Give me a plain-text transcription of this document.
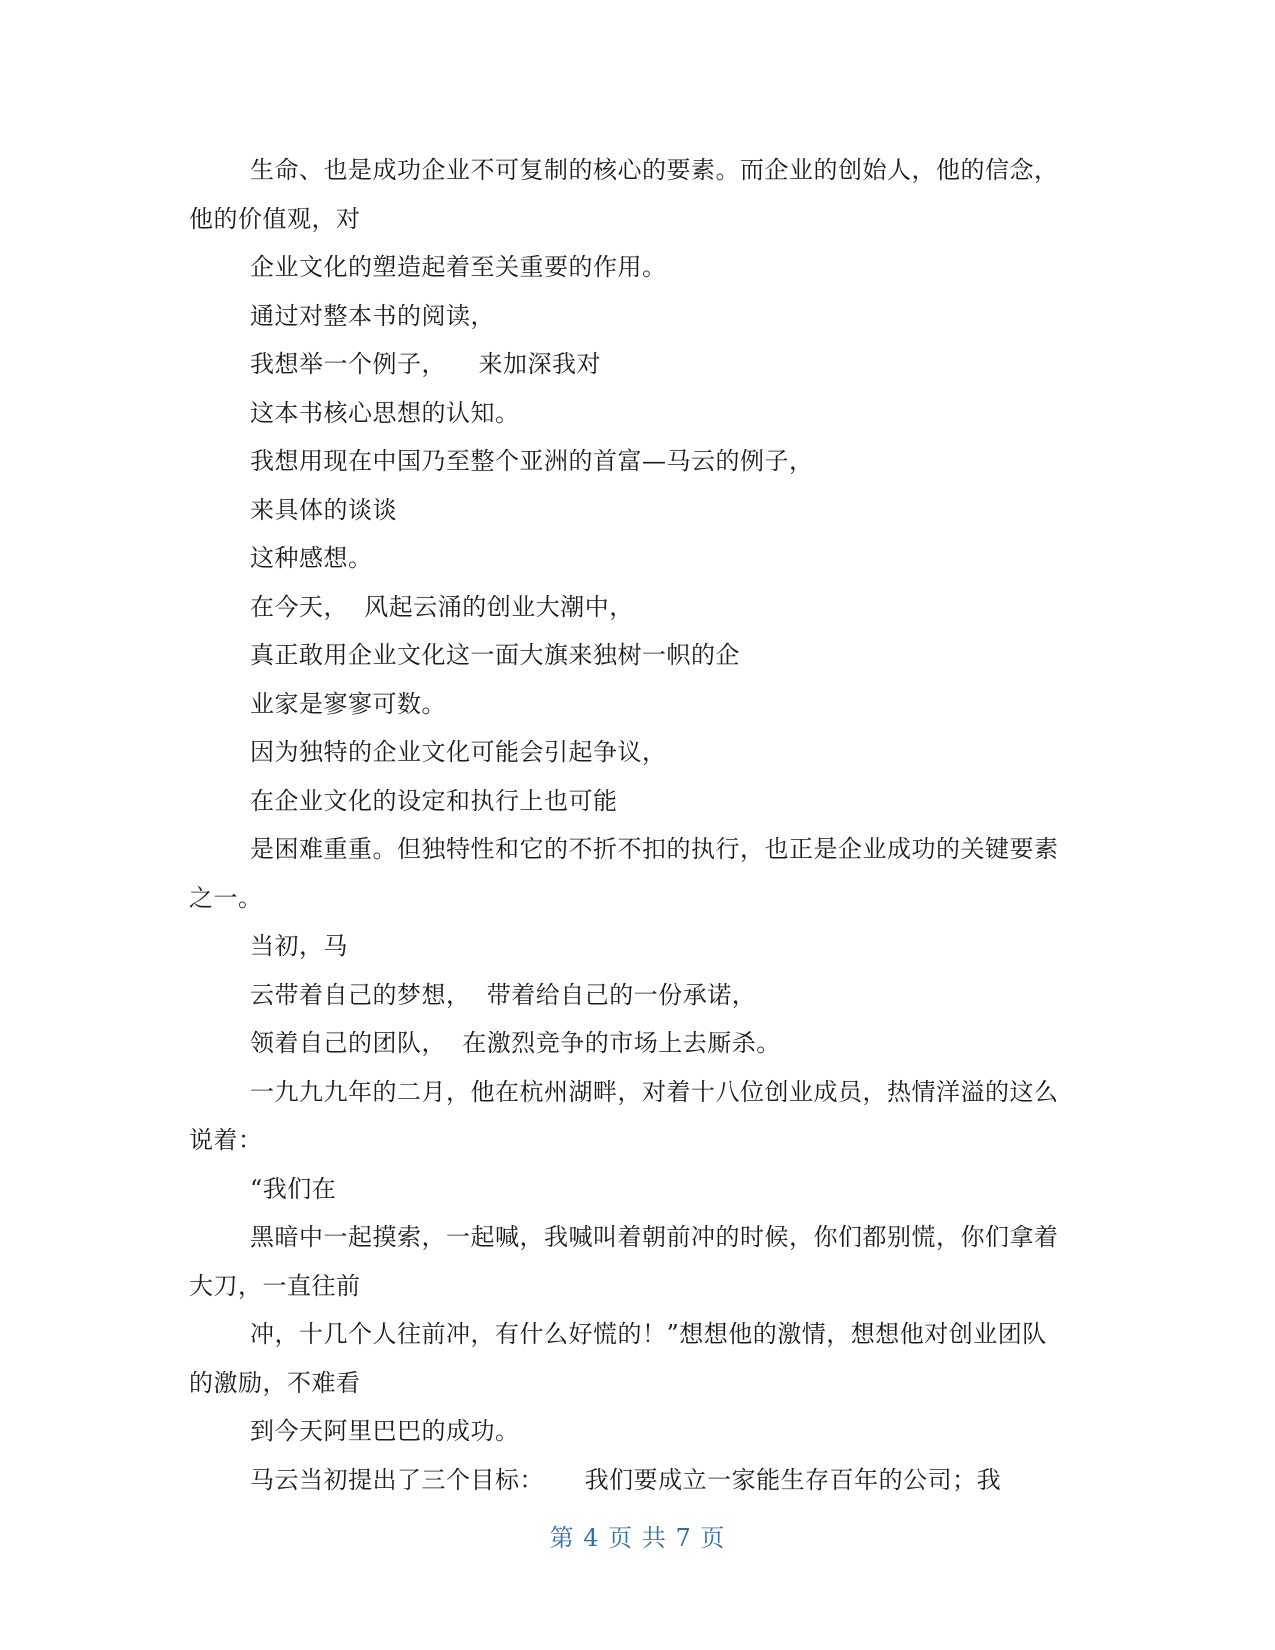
生命、也是成功企业不可复制的核心的要素。而企业的创始人，他的信念，他的价值观，对

企业文化的塑造起着至关重要的作用。

通过对整本书的阅读，

我想举一个例子，    来加深我对

这本书核心思想的认知。

我想用现在中国乃至整个亚洲的首富—马云的例子，

来具体的谈谈

这种感想。

在今天，  风起云涌的创业大潮中，

真正敢用企业文化这一面大旗来独树一帜的企

业家是寥寥可数。

因为独特的企业文化可能会引起争议，

在企业文化的设定和执行上也可能

是困难重重。但独特性和它的不折不扣的执行，也正是企业成功的关键要素之一。

当初，马

云带着自己的梦想，  带着给自己的一份承诺，

领着自己的团队，  在激烈竞争的市场上去厮杀。

一九九九年的二月，他在杭州湖畔，对着十八位创业成员，热情洋溢的这么说着：

“我们在

黑暗中一起摸索，一起喊，我喊叫着朝前冲的时候，你们都别慌，你们拿着大刀，一直往前

冲，十几个人往前冲，有什么好慌的！”想想他的激情，想想他对创业团队的激励，不难看

到今天阿里巴巴的成功。

马云当初提出了三个目标：     我们要成立一家能生存百年的公司；我

第 4 页 共 7 页
